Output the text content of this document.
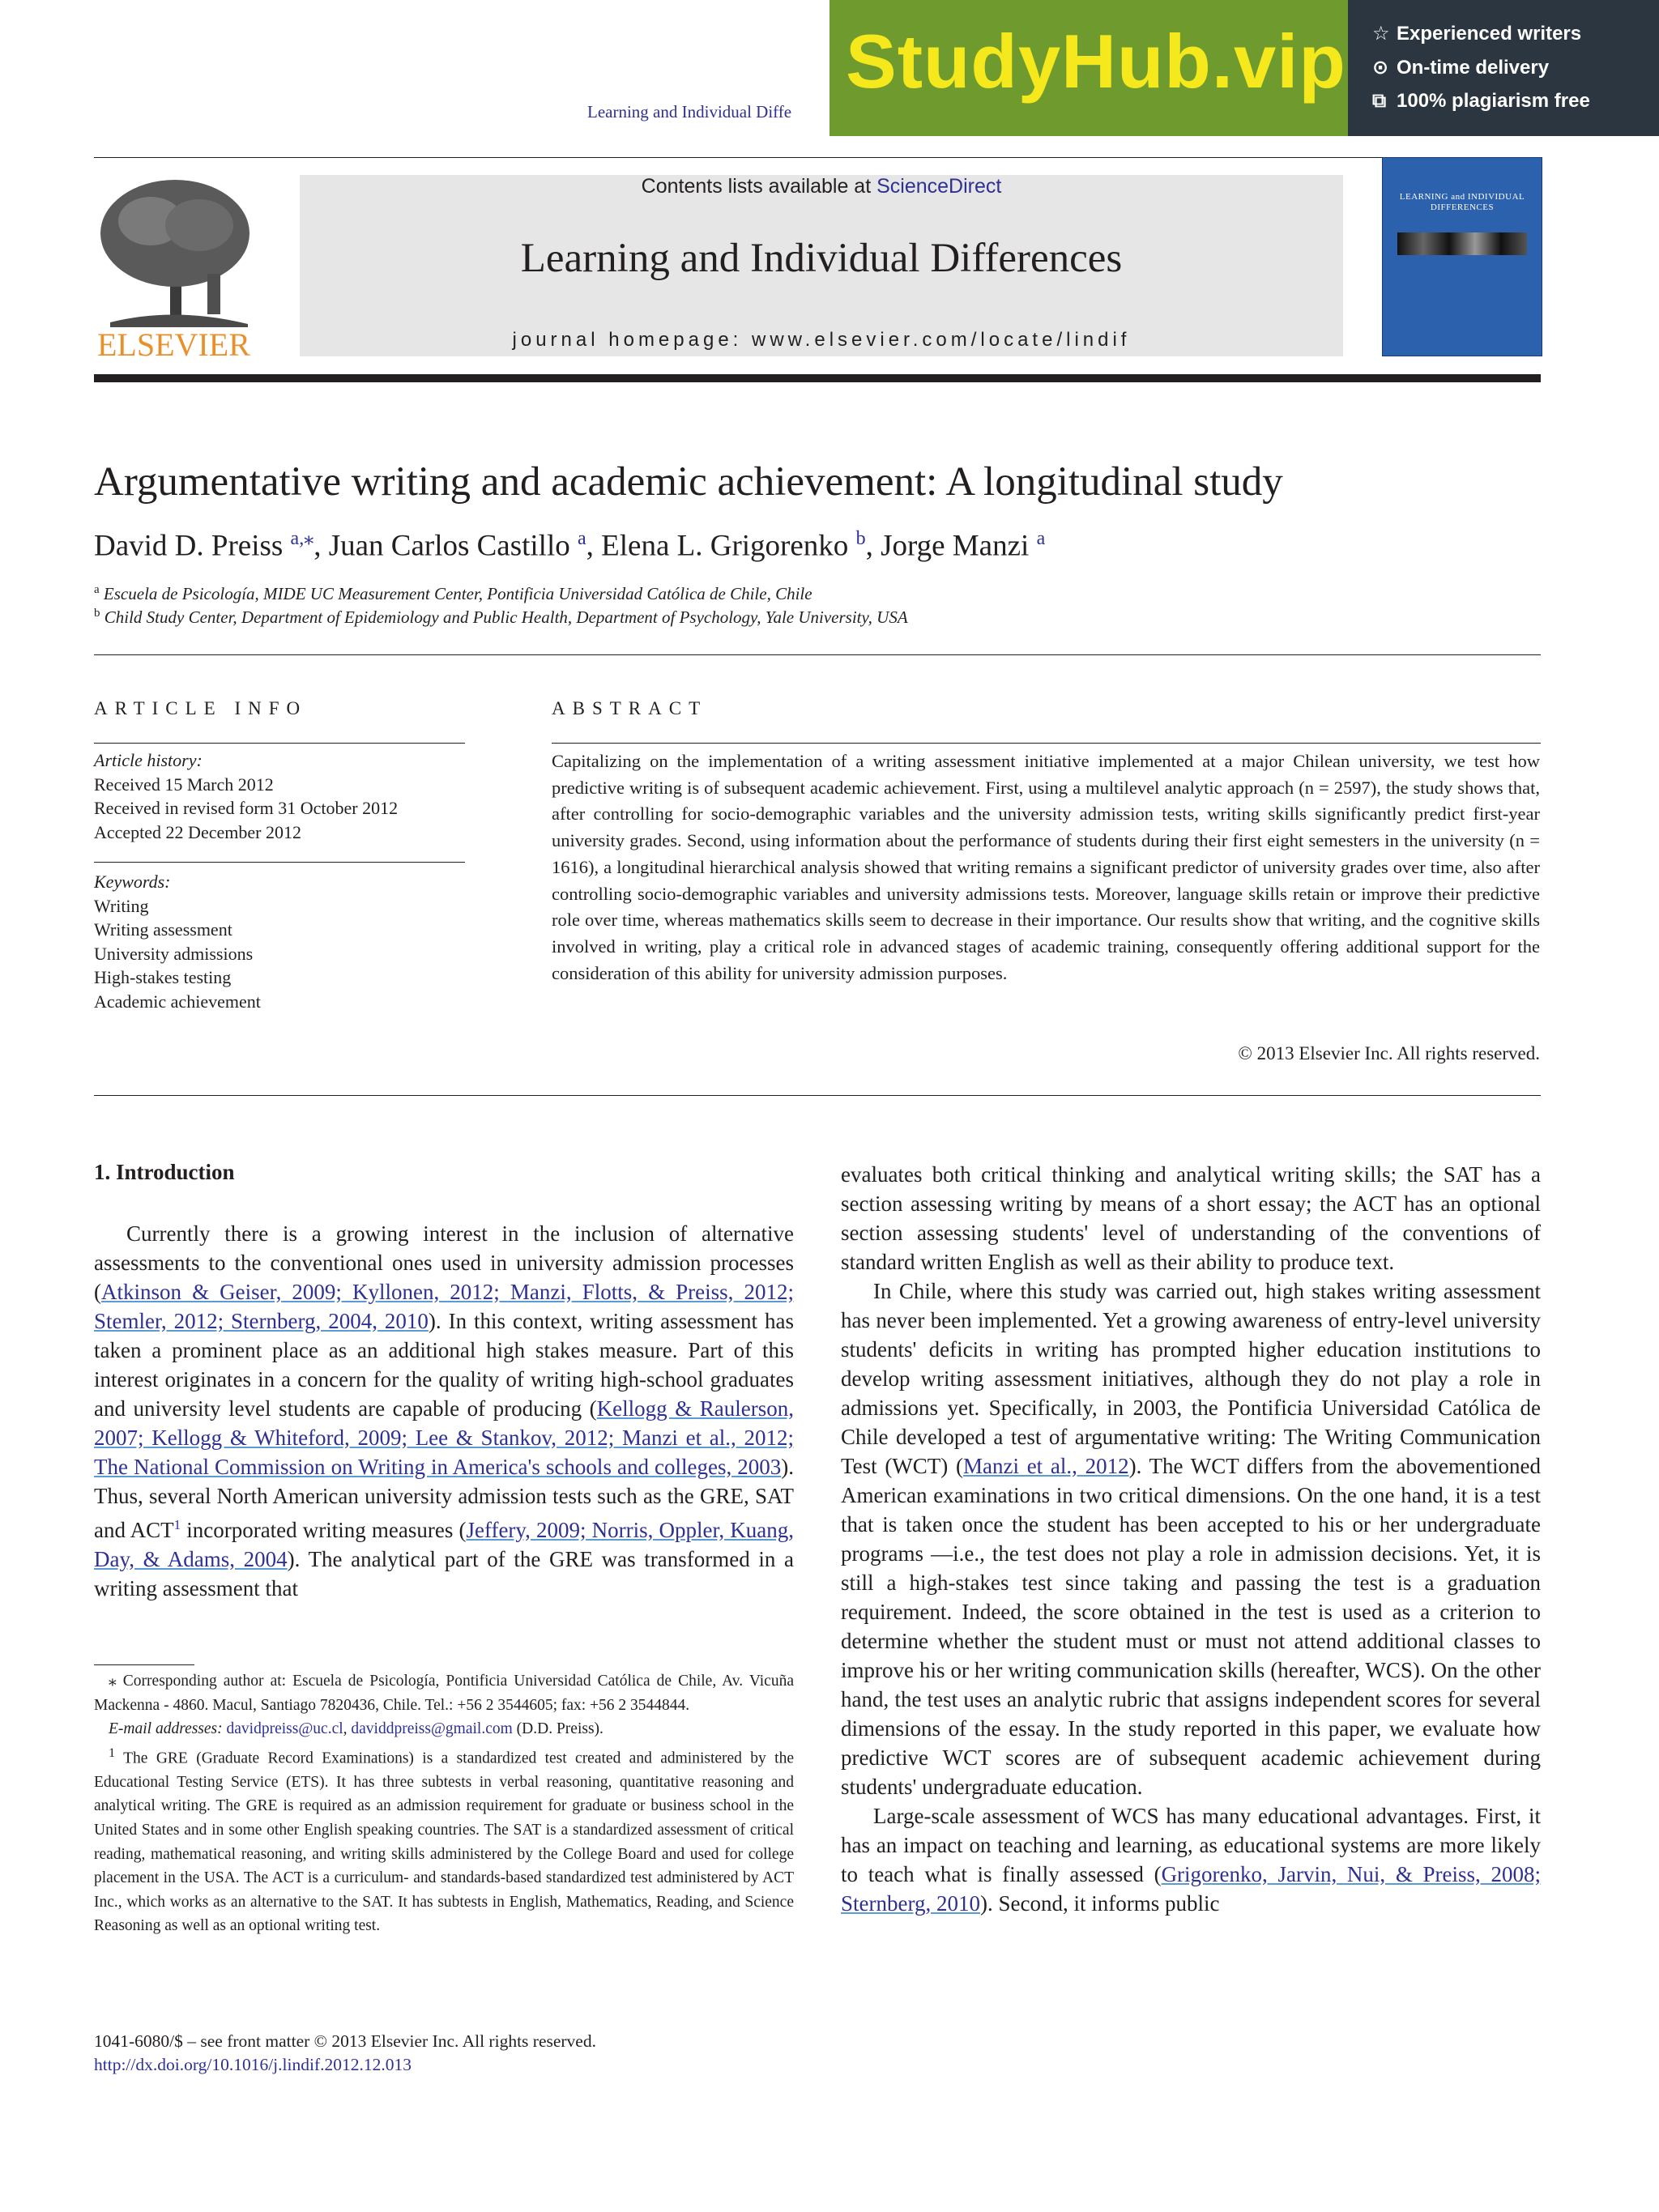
Learning and Individual Diffe
StudyHub.vip ☆ Experienced writers
⊙ On-time delivery
⧉ 100% plagiarism free
ELSEVIER
Contents lists available at ScienceDirect
Learning and Individual Differences
journal homepage: www.elsevier.com/locate/lindif
LEARNING and INDIVIDUAL DIFFERENCES
Argumentative writing and academic achievement: A longitudinal study
David D. Preiss $^{a,⁎}$, Juan Carlos Castillo $^a$, Elena L. Grigorenko $^b$, Jorge Manzi $^a$
$^a$ Escuela de Psicología, MIDE UC Measurement Center, Pontificia Universidad Católica de Chile, Chile
$^b$ Child Study Center, Department of Epidemiology and Public Health, Department of Psychology, Yale University, USA
ARTICLE INFO
Article history:
Received 15 March 2012
Received in revised form 31 October 2012
Accepted 22 December 2012
Keywords:
Writing
Writing assessment
University admissions
High-stakes testing
Academic achievement
ABSTRACT
Capitalizing on the implementation of a writing assessment initiative implemented at a major Chilean university, we test how predictive writing is of subsequent academic achievement. First, using a multilevel analytic approach (n = 2597), the study shows that, after controlling for socio-demographic variables and the university admission tests, writing skills significantly predict first-year university grades. Second, using information about the performance of students during their first eight semesters in the university (n = 1616), a longitudinal hierarchical analysis showed that writing remains a significant predictor of university grades over time, also after controlling socio-demographic variables and university admissions tests. Moreover, language skills retain or improve their predictive role over time, whereas mathematics skills seem to decrease in their importance. Our results show that writing, and the cognitive skills involved in writing, play a critical role in advanced stages of academic training, consequently offering additional support for the consideration of this ability for university admission purposes.
© 2013 Elsevier Inc. All rights reserved.
1. Introduction

Currently there is a growing interest in the inclusion of alternative assessments to the conventional ones used in university admission processes (Atkinson & Geiser, 2009; Kyllonen, 2012; Manzi, Flotts, & Preiss, 2012; Stemler, 2012; Sternberg, 2004, 2010). In this context, writing assessment has taken a prominent place as an additional high stakes measure. Part of this interest originates in a concern for the quality of writing high-school graduates and university level students are capable of producing (Kellogg & Raulerson, 2007; Kellogg & Whiteford, 2009; Lee & Stankov, 2012; Manzi et al., 2012; The National Commission on Writing in America's schools and colleges, 2003). Thus, several North American university admission tests such as the GRE, SAT and ACT$^1$ incorporated writing measures (Jeffery, 2009; Norris, Oppler, Kuang, Day, & Adams, 2004). The analytical part of the GRE was transformed in a writing assessment that

⁎ Corresponding author at: Escuela de Psicología, Pontificia Universidad Católica de Chile, Av. Vicuña Mackenna - 4860. Macul, Santiago 7820436, Chile. Tel.: +56 2 3544605; fax: +56 2 3544844.

E-mail addresses: davidpreiss@uc.cl, daviddpreiss@gmail.com (D.D. Preiss).

$^1$ The GRE (Graduate Record Examinations) is a standardized test created and administered by the Educational Testing Service (ETS). It has three subtests in verbal reasoning, quantitative reasoning and analytical writing. The GRE is required as an admission requirement for graduate or business school in the United States and in some other English speaking countries. The SAT is a standardized assessment of critical reading, mathematical reasoning, and writing skills administered by the College Board and used for college placement in the USA. The ACT is a curriculum- and standards-based standardized test administered by ACT Inc., which works as an alternative to the SAT. It has subtests in English, Mathematics, Reading, and Science Reasoning as well as an optional writing test.

1041-6080/$ – see front matter © 2013 Elsevier Inc. All rights reserved.
http://dx.doi.org/10.1016/j.lindif.2012.12.013

evaluates both critical thinking and analytical writing skills; the SAT has a section assessing writing by means of a short essay; the ACT has an optional section assessing students' level of understanding of the conventions of standard written English as well as their ability to produce text.

In Chile, where this study was carried out, high stakes writing assessment has never been implemented. Yet a growing awareness of entry-level university students' deficits in writing has prompted higher education institutions to develop writing assessment initiatives, although they do not play a role in admissions yet. Specifically, in 2003, the Pontificia Universidad Católica de Chile developed a test of argumentative writing: The Writing Communication Test (WCT) (Manzi et al., 2012). The WCT differs from the abovementioned American examinations in two critical dimensions. On the one hand, it is a test that is taken once the student has been accepted to his or her undergraduate programs —i.e., the test does not play a role in admission decisions. Yet, it is still a high-stakes test since taking and passing the test is a graduation requirement. Indeed, the score obtained in the test is used as a criterion to determine whether the student must or must not attend additional classes to improve his or her writing communication skills (hereafter, WCS). On the other hand, the test uses an analytic rubric that assigns independent scores for several dimensions of the essay. In the study reported in this paper, we evaluate how predictive WCT scores are of subsequent academic achievement during students' undergraduate education.

Large-scale assessment of WCS has many educational advantages. First, it has an impact on teaching and learning, as educational systems are more likely to teach what is finally assessed (Grigorenko, Jarvin, Nui, & Preiss, 2008; Sternberg, 2010). Second, it informs public
